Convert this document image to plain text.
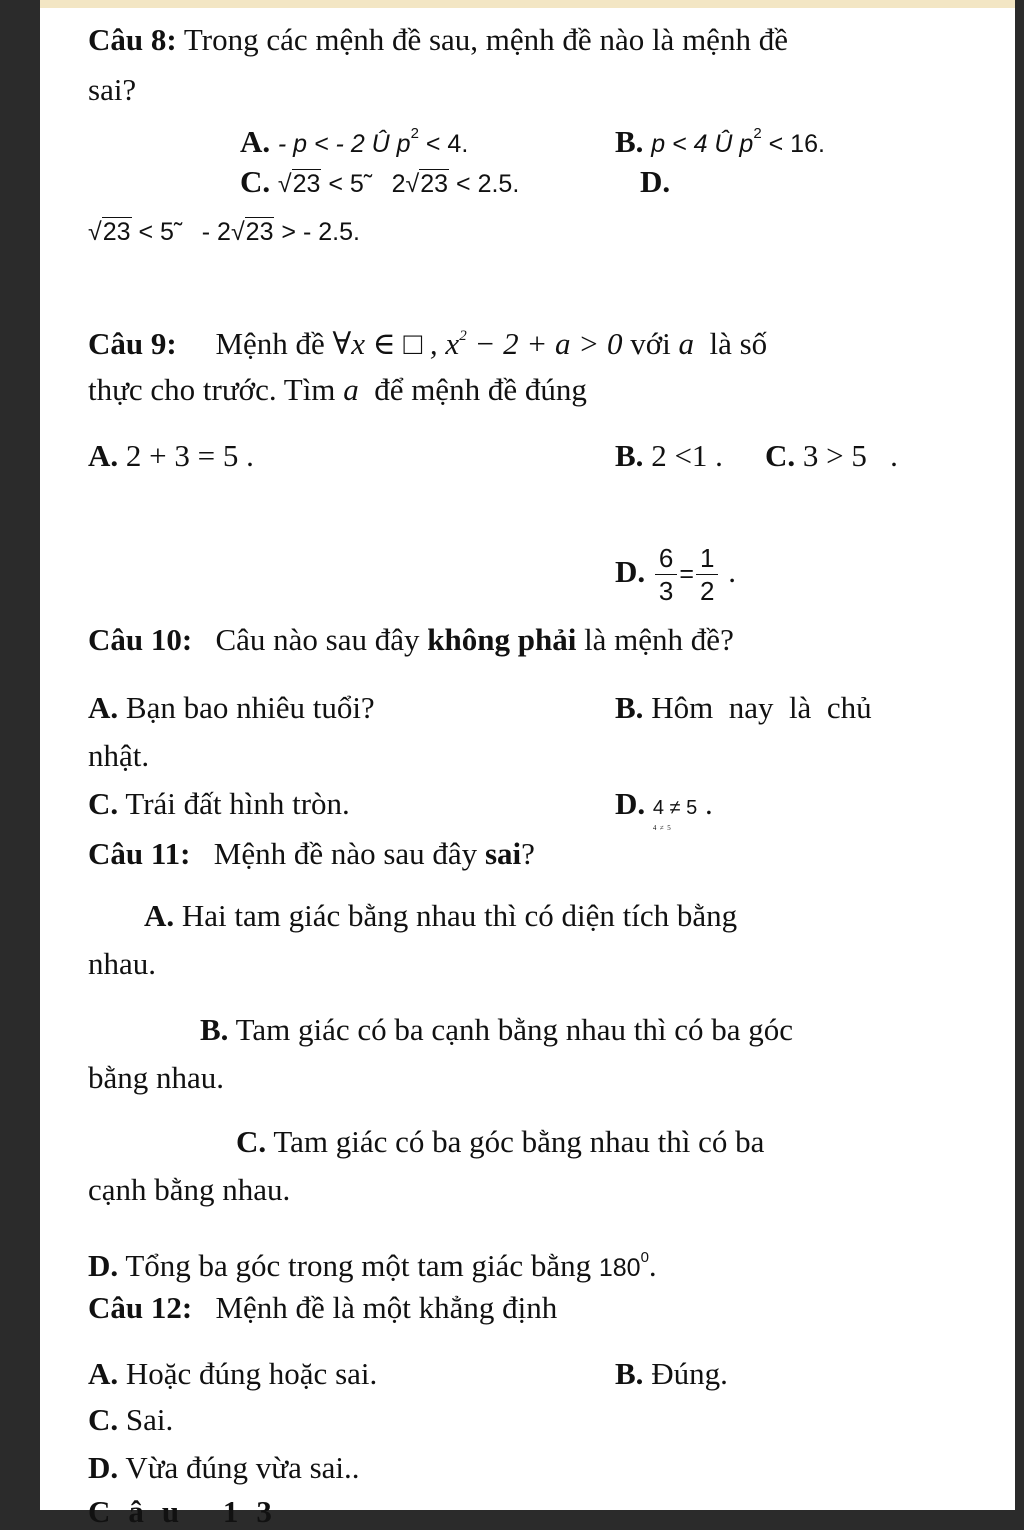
Câu 8: Trong các mệnh đề sau, mệnh đề nào là mệnh đề
sai?
A. - p < - 2 Û $p^2 < 4$.	B. p < 4 Û $p^2 < 16$.
C. √23 < 5 2√23 < 2.5.	D.
√23 < 5 - 2√23 > - 2.5.
Câu 9: Mệnh đề ∀x ∈ □ , $x^2 - 2 + a > 0$ với a là số
thực cho trước. Tìm a để mệnh đề đúng
A. 2 + 3 = 5 .	B. 2 <1 . C. 3 > 5 .
D. $\frac{6}{3} = \frac{1}{2}$ .
Câu 10: Câu nào sau đây không phải là mệnh đề?
A. Bạn bao nhiêu tuổi?	B. Hôm  nay  là  chủ
nhật.
C. Trái đất hình tròn.	D. 4 ≠ 5
4  ≠  5
.
Câu 11: Mệnh đề nào sau đây sai?
A. Hai tam giác bằng nhau thì có diện tích bằng
nhau.
B. Tam giác có ba cạnh bằng nhau thì có ba góc
bằng nhau.
C. Tam giác có ba góc bằng nhau thì có ba
cạnh bằng nhau.
D. Tổng ba góc trong một tam giác bằng $180^0$.
Câu 12: Mệnh đề là một khẳng định
A. Hoặc đúng hoặc sai.	B. Đúng.
C. Sai.
D. Vừa đúng vừa sai..
Câu 13
